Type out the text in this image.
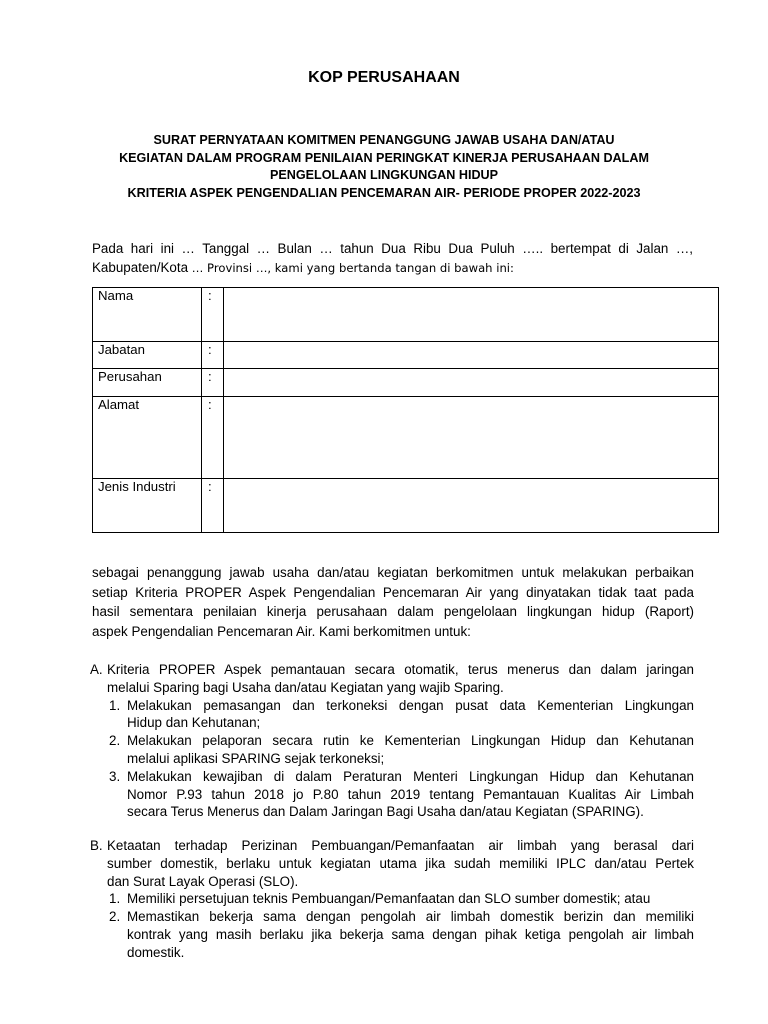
KOP PERUSAHAAN
SURAT PERNYATAAN KOMITMEN PENANGGUNG JAWAB USAHA DAN/ATAU
KEGIATAN DALAM PROGRAM PENILAIAN PERINGKAT KINERJA PERUSAHAAN DALAM
PENGELOLAAN LINGKUNGAN HIDUP
KRITERIA ASPEK PENGENDALIAN PENCEMARAN AIR- PERIODE PROPER 2022-2023
Pada hari ini … Tanggal … Bulan … tahun Dua Ribu Dua Puluh ….. bertempat di Jalan …,
Kabupaten/Kota … Provinsi …, kami yang bertanda tangan di bawah ini:
Nama	:	
Jabatan	:	
Perusahan	:	
Alamat	:	
Jenis Industri	:	
sebagai penanggung jawab usaha dan/atau kegiatan berkomitmen untuk melakukan perbaikan
setiap Kriteria PROPER Aspek Pengendalian Pencemaran Air yang dinyatakan tidak taat pada
hasil sementara penilaian kinerja perusahaan dalam pengelolaan lingkungan hidup (Raport)
aspek Pengendalian Pencemaran Air. Kami berkomitmen untuk:
A. Kriteria PROPER Aspek pemantauan secara otomatik, terus menerus dan dalam jaringan
melalui Sparing bagi Usaha dan/atau Kegiatan yang wajib Sparing.
1. Melakukan pemasangan dan terkoneksi dengan pusat data Kementerian Lingkungan
Hidup dan Kehutanan;
2. Melakukan pelaporan secara rutin ke Kementerian Lingkungan Hidup dan Kehutanan
melalui aplikasi SPARING sejak terkoneksi;
3. Melakukan kewajiban di dalam Peraturan Menteri Lingkungan Hidup dan Kehutanan
Nomor P.93 tahun 2018 jo P.80 tahun 2019 tentang Pemantauan Kualitas Air Limbah
secara Terus Menerus dan Dalam Jaringan Bagi Usaha dan/atau Kegiatan (SPARING).
B. Ketaatan terhadap Perizinan Pembuangan/Pemanfaatan air limbah yang berasal dari
sumber domestik, berlaku untuk kegiatan utama jika sudah memiliki IPLC dan/atau Pertek
dan Surat Layak Operasi (SLO).
1. Memiliki persetujuan teknis Pembuangan/Pemanfaatan dan SLO sumber domestik; atau
2. Memastikan bekerja sama dengan pengolah air limbah domestik berizin dan memiliki
kontrak yang masih berlaku jika bekerja sama dengan pihak ketiga pengolah air limbah
domestik.
